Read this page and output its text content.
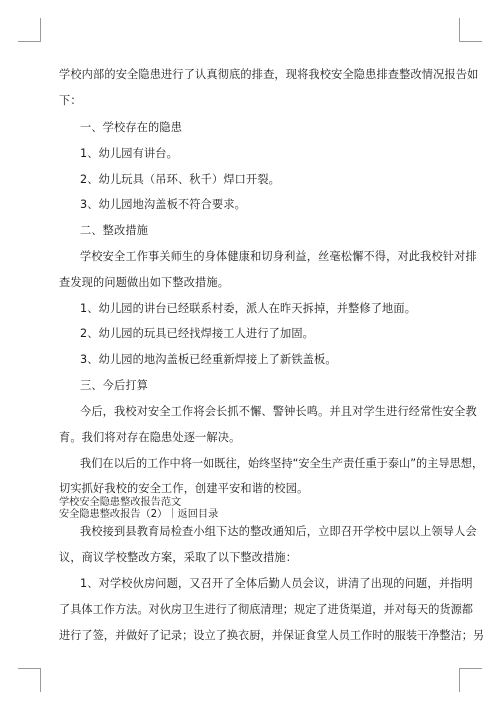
学校内部的安全隐患进行了认真彻底的排查，现将我校安全隐患排查整改情况报告如
下：
一、学校存在的隐患
1、幼儿园有讲台。
2、幼儿玩具（吊环、秋千）焊口开裂。
3、幼儿园地沟盖板不符合要求。
二、整改措施
学校安全工作事关师生的身体健康和切身利益，丝毫松懈不得，对此我校针对排
查发现的问题做出如下整改措施。
1、幼儿园的讲台已经联系村委，派人在昨天拆掉，并整修了地面。
2、幼儿园的玩具已经找焊接工人进行了加固。
3、幼儿园的地沟盖板已经重新焊接上了新铁盖板。
三、今后打算
今后，我校对安全工作将会长抓不懈、警钟长鸣。并且对学生进行经常性安全教
育。我们将对存在隐患处逐一解决。
我们在以后的工作中将一如既往，始终坚持“安全生产责任重于泰山”的主导思想，
切实抓好我校的安全工作，创建平安和谐的校园。
学校安全隐患整改报告范文
安全隐患整改报告（2）｜返回目录
我校接到县教育局检查小组下达的整改通知后，立即召开学校中层以上领导人会
议，商议学校整改方案，采取了以下整改措施：
1、对学校伙房问题，又召开了全体后勤人员会议，讲清了出现的问题，并指明
了具体工作方法。对伙房卫生进行了彻底清理；规定了进货渠道，并对每天的货源都
进行了签，并做好了记录；设立了换衣厨，并保证食堂人员工作时的服装干净整洁；另
